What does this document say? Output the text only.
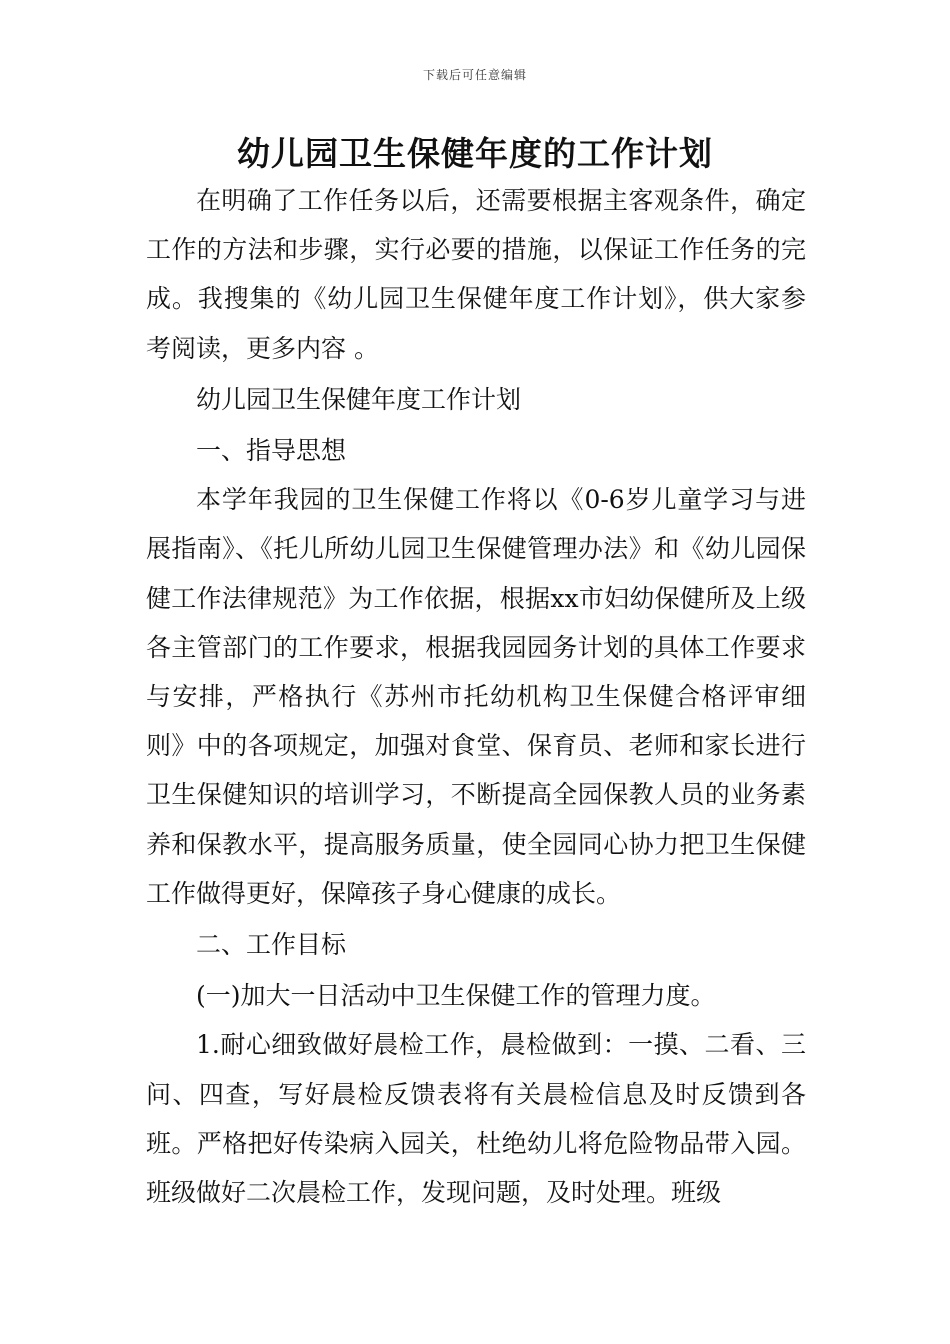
下载后可任意编辑
幼儿园卫生保健年度的工作计划

在明确了工作任务以后，还需要根据主客观条件，确定工作的方法和步骤，实行必要的措施，以保证工作任务的完成。我搜集的《幼儿园卫生保健年度工作计划》，供大家参考阅读，更多内容 。

幼儿园卫生保健年度工作计划

一、指导思想

本学年我园的卫生保健工作将以《0-6岁儿童学习与进展指南》、《托儿所幼儿园卫生保健管理办法》和《幼儿园保健工作法律规范》为工作依据，根据xx市妇幼保健所及上级各主管部门的工作要求，根据我园园务计划的具体工作要求与安排，严格执行《苏州市托幼机构卫生保健合格评审细则》中的各项规定，加强对食堂、保育员、老师和家长进行卫生保健知识的培训学习，不断提高全园保教人员的业务素养和保教水平，提高服务质量，使全园同心协力把卫生保健工作做得更好，保障孩子身心健康的成长。

二、工作目标

(一)加大一日活动中卫生保健工作的管理力度。

1.耐心细致做好晨检工作，晨检做到：一摸、二看、三问、四查，写好晨检反馈表将有关晨检信息及时反馈到各班。严格把好传染病入园关，杜绝幼儿将危险物品带入园。班级做好二次晨检工作，发现问题，及时处理。班级
